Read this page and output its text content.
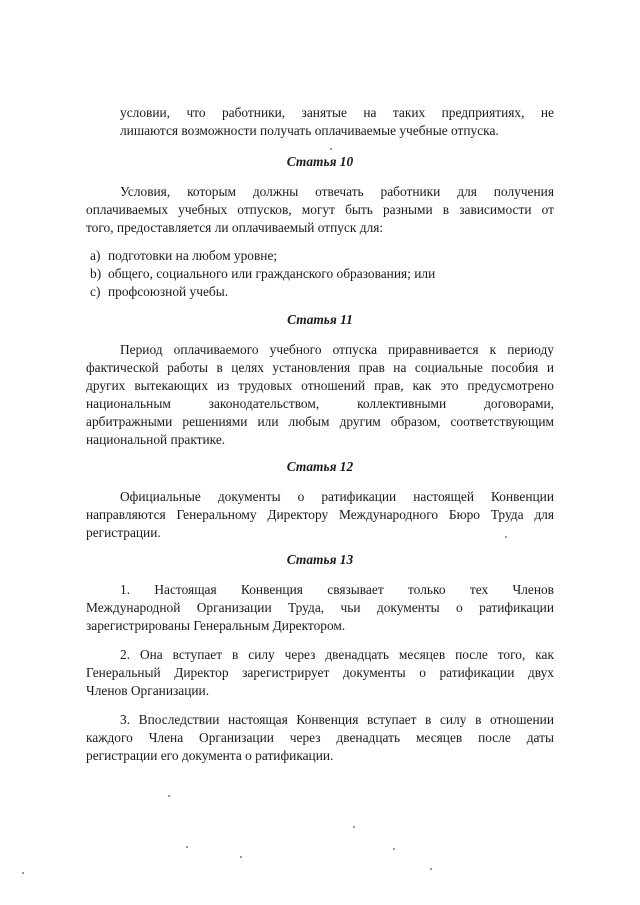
условии, что работники, занятые на таких предприятиях, не
лишаются возможности получать оплачиваемые учебные отпуска.
Статья 10
Условия, которым должны отвечать работники для получения
оплачиваемых учебных отпусков, могут быть разными в зависимости от
того, предоставляется ли оплачиваемый отпуск для:
a) подготовки на любом уровне;
b) общего, социального или гражданского образования; или
c) профсоюзной учебы.
Статья 11
Период оплачиваемого учебного отпуска приравнивается к периоду
фактической работы в целях установления прав на социальные пособия и
других вытекающих из трудовых отношений прав, как это предусмотрено
национальным законодательством, коллективными договорами,
арбитражными решениями или любым другим образом, соответствующим
национальной практике.
Статья 12
Официальные документы о ратификации настоящей Конвенции
направляются Генеральному Директору Международного Бюро Труда для
регистрации.
Статья 13
1. Настоящая Конвенция связывает только тех Членов
Международной Организации Труда, чьи документы о ратификации
зарегистрированы Генеральным Директором.
2. Она вступает в силу через двенадцать месяцев после того, как
Генеральный Директор зарегистрирует документы о ратификации двух
Членов Организации.
3. Впоследствии настоящая Конвенция вступает в силу в отношении
каждого Члена Организации через двенадцать месяцев после даты
регистрации его документа о ратификации.
